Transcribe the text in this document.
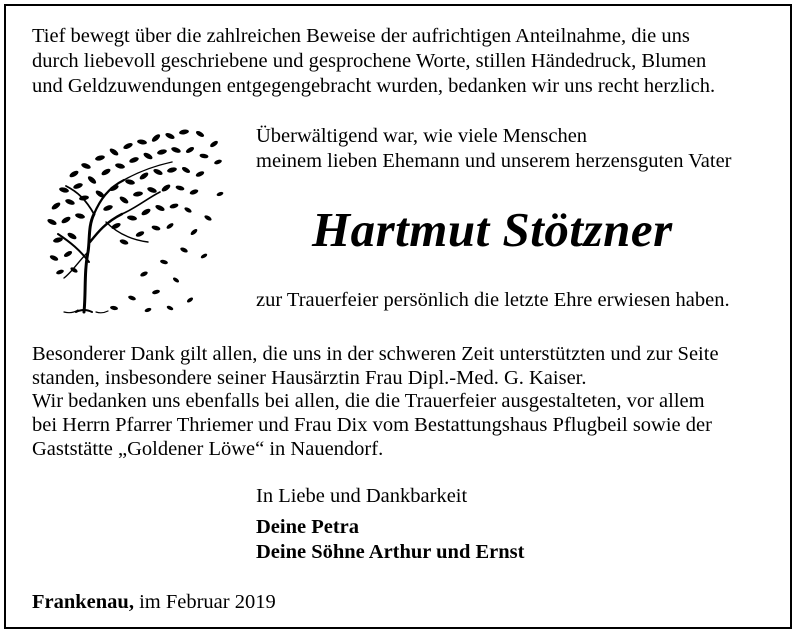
Tief bewegt über die zahlreichen Beweise der aufrichtigen Anteilnahme, die uns
durch liebevoll geschriebene und gesprochene Worte, stillen Händedruck, Blumen
und Geldzuwendungen entgegengebracht wurden, bedanken wir uns recht herzlich.
Überwältigend war, wie viele Menschen
meinem lieben Ehemann und unserem herzensguten Vater
Hartmut Stötzner
zur Trauerfeier persönlich die letzte Ehre erwiesen haben.
Besonderer Dank gilt allen, die uns in der schweren Zeit unterstützten und zur Seite
standen, insbesondere seiner Hausärztin Frau Dipl.-Med. G. Kaiser.
Wir bedanken uns ebenfalls bei allen, die die Trauerfeier ausgestalteten, vor allem
bei Herrn Pfarrer Thriemer und Frau Dix vom Bestattungshaus Pflugbeil sowie der
Gaststätte „Goldener Löwe“ in Nauendorf.
In Liebe und Dankbarkeit
Deine Petra
Deine Söhne Arthur und Ernst
Frankenau, im Februar 2019
